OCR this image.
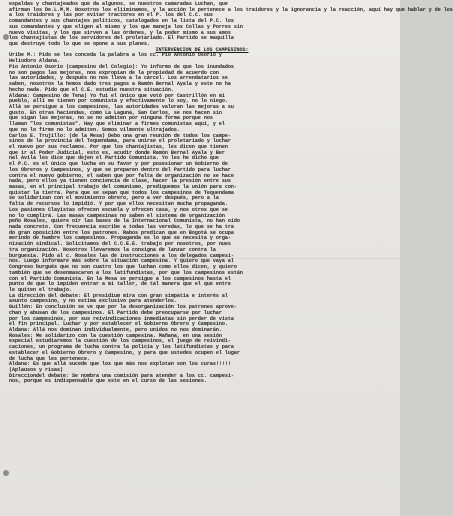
espaldas y chantajeados que da algunos, se nuestros camaradas Luchan, que
afirman los De.L.M.M. Nosotros los eliiminamos, y la acción le pertenece a los traidores y la ignorancia y la reacción, aquí hay que hablar y de los
a los traidores y las por evitar tractores en el P. los del C.C. sus
comandantes y sus chantajes políticos, catalogados en la lista del P.C. los
sus comandantes y que eligen al mismo y los que maneja los Collas y Porres sin
nuevo visitas, y los que sirven a las órdenes, y la poder mismo a sus amos
los chantajistas de los servidores del proletariado. El Partido se maquilla
que destruye todo lo que se opone a sus planes.
INTERVENCION DE LOS CAMPESINOS:
Uribe M.: Pido se les conceda la palabra a los cc. Pio Antonio Osorio y
Heliodoro Aldana.
Pio Antonio Osorio (campesino del Colegio): Yo informo de que los inundados
no son pagos las mejoras, nos expropian de la propiedad de acuerdo con
las autoridades, y después no nos lleva a la cárcel. Los arrendatarios se
saben, nosotros la hemos dado tres pagos a Ramón Bernal Ayala y este no ha
hecho nada. Pido que el C.E. estudie nuestra situación.
Aldana: Campesino de Tena) Yo fui el único que votó por Castrillón en mi
pueblo, allí me tienen por comunista y efectivamente lo soy, no lo niego.
Allá se persigue a los campesinos, las autoridades valoran las mejoras a su
gusto. En otras haciendas, como La Laguna, San Carlos, se nos hacen sin
que sigan las mejoras, no se no admiten por ninguna forma porque nos
llaman "los comunistas". Hay que eliminar a firmes comunistas aquí, y el
que no lo firme no lo admiten. Somos vilmente ultrajados.
Carlos E. Trujillo: (de la Mesa) Debo una gran reunión de todos los campe-
sinos de la provincia del Tequendama, para unirse el proletariado y luchar
el nuevo por sus reclamos. Por que los chantajistas, les dicen que tienen
que ir al Poder Judicial, esto es, acudir donde Ramón Bernal Ayala y Ber
nal Avila les dice que dejen el Partido Comunista. Yo les he dicho que
el P.C. es el único que lucha en su favor y por posesionar un Gobierno de
los Obreros y Campesinos, y que se preparen dentro del Partido para luchar
contra el nuevo gobierno, el saben que por falta de organización no se hace
nada, pero ellos ya tienen conciencia de clase, hacer la presión entre sus
masas, en el principal trabajo del comunismo, prediquemos la unión para con-
quistar la tierra. Para que se sepan que todos los campesinos de Tequendama
se solidarizan con el movimiento obrero, pero a ver después, pero a la
falta de recursos lo impidió. Y por que ellos necesitan mucha propaganda.
Los pasiones Clayistas ofrecen escuela y ofrecen casa, y nos otros que se
no lo cumplirá. Las masas campesinas no saben el sistema de organización
peño Rosales, quiere oír las bases de la Internacional Comunista, no han oído
nada concreto. Con frecuencia escribe a todas las veredas, lo que se ha tra
do gran oposición entre los patrones. Rabos predican que en Bogotá se ocupa
merindo de hambre los campesinos. Propaganda es lo que se necesita y orga-
nización sindical. Solicitamos del C.C.E.E. trabajo por nosotros, por nues
tra organización. Nosotros llevaremos la consigna de lanzar contra la
burguesía. Pido al c. Rosales las de instrucciones a los delegados campesi-
nos. Luego informare más sobre la situación campesina. Y quiero que vaya al
Congreso burgués que no son cuatro los que luchan como ellos dicen, y quiero
también que se desenmascaren a los latifundistas, por que los campesinos están
con el Partido Comunista. En la Mesa se persigue a los campesinos hasta el
punto de que lo impiden entrar a mi taller, de tal manera que el que entre
le quiten el trabajo.
La dirección del debate: El presidium mira con gran simpatía e interés al
asunto campesino, y no estima exclusivo para atenderlos.
Guillén: En conclusión se ve que por la desorganización los patrones aprove-
chan y abusan de los campesinos. El Partido debe preocuparse por luchar
por los campesinos, por sus reivindicaciones inmediatas sin perder de vista
el fin principal. Luchar y por establecer el Gobierno Obrero y Campesino.
Aldana: Allá nos dominan individualmente, pero unidos no nos dominarán.
Rosales: Me solidarizo con la cuestión campesina. Mañana, en una sesión
especial estudiaremos la cuestión de los campesinos, el juego de reivindi-
caciones, un programa de lucha contra la policía y los latifundistas y para
establecer el Gobierno Obrero y Campesino, y para que ustedes ocupen el lugar
de lucha que les pertenece.
Aldana: Es que allá sucede que los que más nos explotan son los curas!!!!!
(Aplausos y risas)
Direcciondel debate: Se nombra una comisión para atender a los cc. campesi-
nos, porque es indispensable que este en el curso de las sesiones.
